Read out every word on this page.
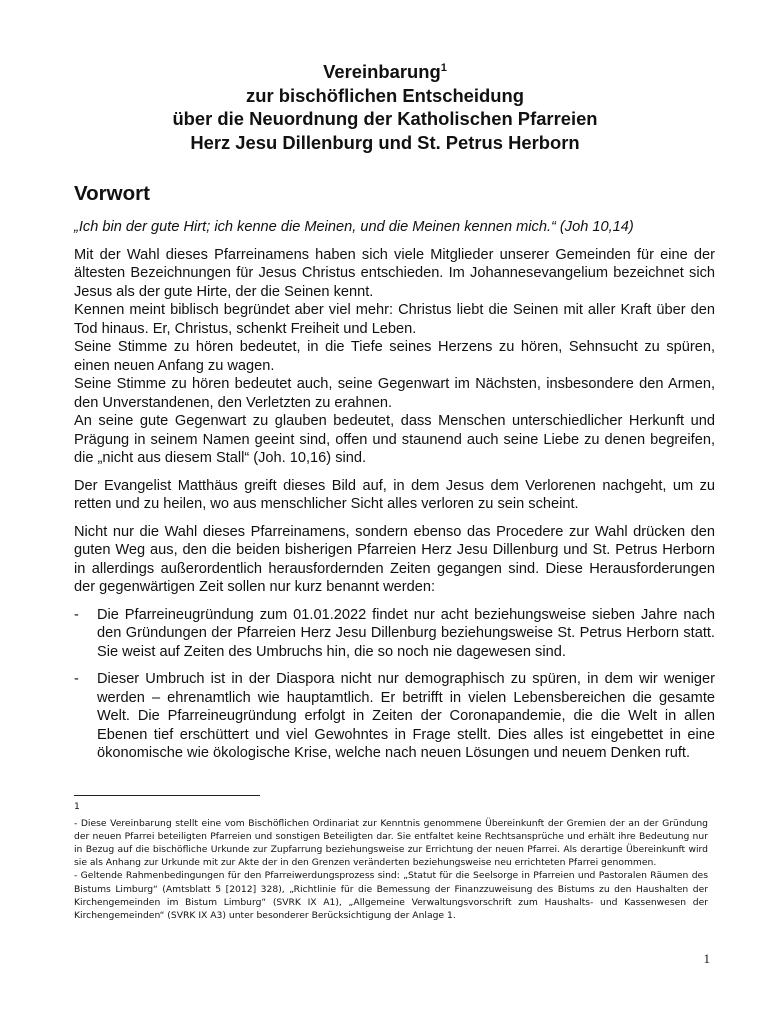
Vereinbarung$^1$
zur bischöflichen Entscheidung
über die Neuordnung der Katholischen Pfarreien
Herz Jesu Dillenburg und St. Petrus Herborn
Vorwort

„Ich bin der gute Hirt; ich kenne die Meinen, und die Meinen kennen mich.“ (Joh 10,14)

Mit der Wahl dieses Pfarreinamens haben sich viele Mitglieder unserer Gemeinden für eine der ältesten Bezeichnungen für Jesus Christus entschieden. Im Johannesevangelium bezeichnet sich Jesus als der gute Hirte, der die Seinen kennt.

Kennen meint biblisch begründet aber viel mehr: Christus liebt die Seinen mit aller Kraft über den Tod hinaus. Er, Christus, schenkt Freiheit und Leben.

Seine Stimme zu hören bedeutet, in die Tiefe seines Herzens zu hören, Sehnsucht zu spüren, einen neuen Anfang zu wagen.

Seine Stimme zu hören bedeutet auch, seine Gegenwart im Nächsten, insbesondere den Armen, den Unverstandenen, den Verletzten zu erahnen.

An seine gute Gegenwart zu glauben bedeutet, dass Menschen unterschiedlicher Herkunft und Prägung in seinem Namen geeint sind, offen und staunend auch seine Liebe zu denen begreifen, die „nicht aus diesem Stall“ (Joh. 10,16) sind.

Der Evangelist Matthäus greift dieses Bild auf, in dem Jesus dem Verlorenen nachgeht, um zu retten und zu heilen, wo aus menschlicher Sicht alles verloren zu sein scheint.

Nicht nur die Wahl dieses Pfarreinamens, sondern ebenso das Procedere zur Wahl drücken den guten Weg aus, den die beiden bisherigen Pfarreien Herz Jesu Dillenburg und St. Petrus Herborn in allerdings außerordentlich herausfordernden Zeiten gegangen sind. Diese Herausforderungen der gegenwärtigen Zeit sollen nur kurz benannt werden:

- Die Pfarreineugründung zum 01.01.2022 findet nur acht beziehungsweise sieben Jahre nach den Gründungen der Pfarreien Herz Jesu Dillenburg beziehungsweise St. Petrus Herborn statt. Sie weist auf Zeiten des Umbruchs hin, die so noch nie dagewesen sind.
- Dieser Umbruch ist in der Diaspora nicht nur demographisch zu spüren, in dem wir weniger werden – ehrenamtlich wie hauptamtlich. Er betrifft in vielen Lebensbereichen die gesamte Welt. Die Pfarreineugründung erfolgt in Zeiten der Coronapandemie, die die Welt in allen Ebenen tief erschüttert und viel Gewohntes in Frage stellt. Dies alles ist eingebettet in eine ökonomische wie ökologische Krise, welche nach neuen Lösungen und neuem Denken ruft.

1

- Diese Vereinbarung stellt eine vom Bischöflichen Ordinariat zur Kenntnis genommene Übereinkunft der Gremien der an der Gründung der neuen Pfarrei beteiligten Pfarreien und sonstigen Beteiligten dar. Sie entfaltet keine Rechtsansprüche und erhält ihre Bedeutung nur in Bezug auf die bischöfliche Urkunde zur Zupfarrung beziehungsweise zur Errichtung der neuen Pfarrei. Als derartige Übereinkunft wird sie als Anhang zur Urkunde mit zur Akte der in den Grenzen veränderten beziehungsweise neu errichteten Pfarrei genommen.

- Geltende Rahmenbedingungen für den Pfarreiwerdungsprozess sind: „Statut für die Seelsorge in Pfarreien und Pastoralen Räumen des Bistums Limburg“ (Amtsblatt 5 [2012] 328), „Richtlinie für die Bemessung der Finanzzuweisung des Bistums zu den Haushalten der Kirchengemeinden im Bistum Limburg“ (SVRK IX A1), „Allgemeine Verwaltungsvorschrift zum Haushalts- und Kassenwesen der Kirchengemeinden“ (SVRK IX A3) unter besonderer Berücksichtigung der Anlage 1.

1
